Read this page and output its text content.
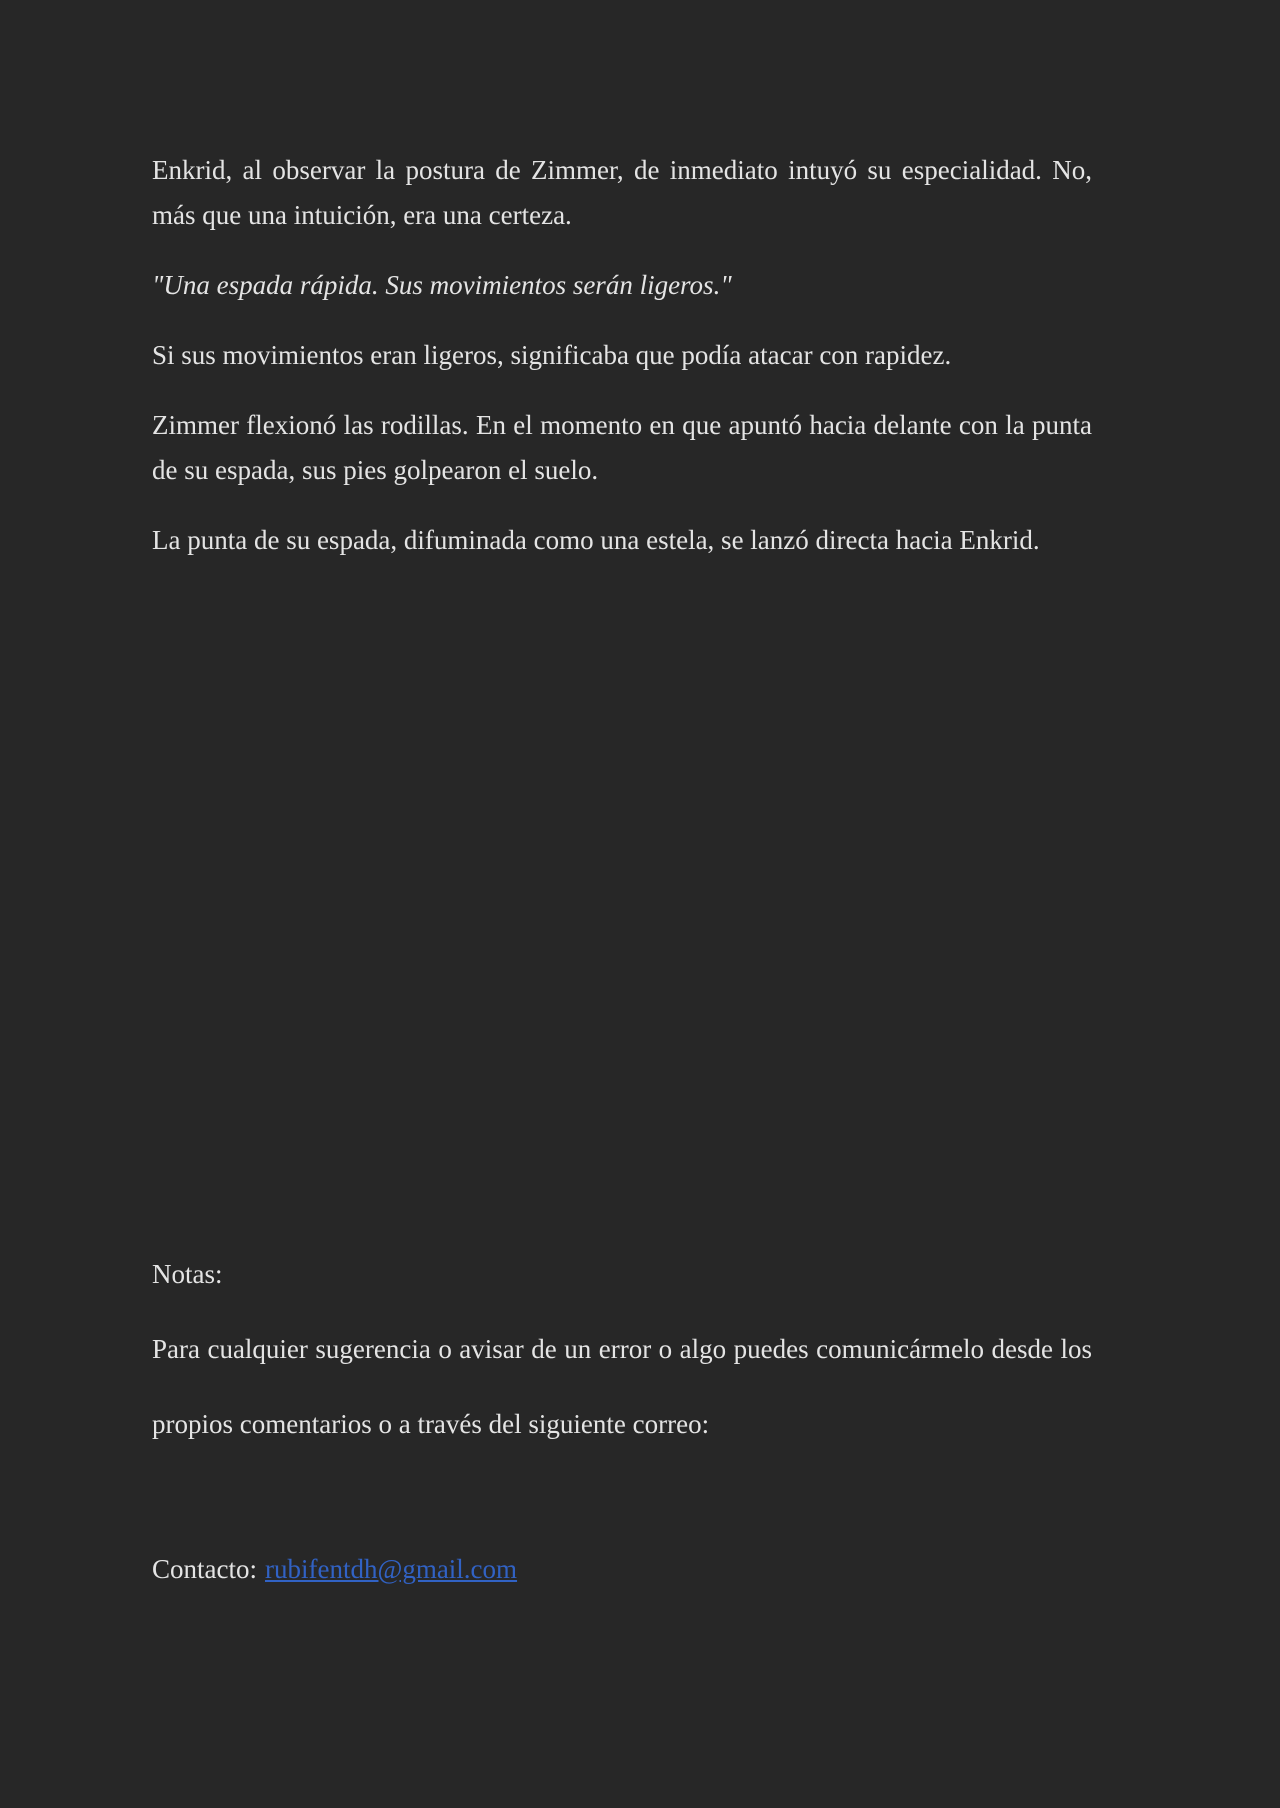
Enkrid, al observar la postura de Zimmer, de inmediato intuyó su especialidad. No, más que una intuición, era una certeza.

"Una espada rápida. Sus movimientos serán ligeros."

Si sus movimientos eran ligeros, significaba que podía atacar con rapidez.

Zimmer flexionó las rodillas. En el momento en que apuntó hacia delante con la punta de su espada, sus pies golpearon el suelo.

La punta de su espada, difuminada como una estela, se lanzó directa hacia Enkrid.

Notas:

Para cualquier sugerencia o avisar de un error o algo puedes comunicármelo desde los propios comentarios o a través del siguiente correo:

Contacto: rubifentdh@gmail.com
